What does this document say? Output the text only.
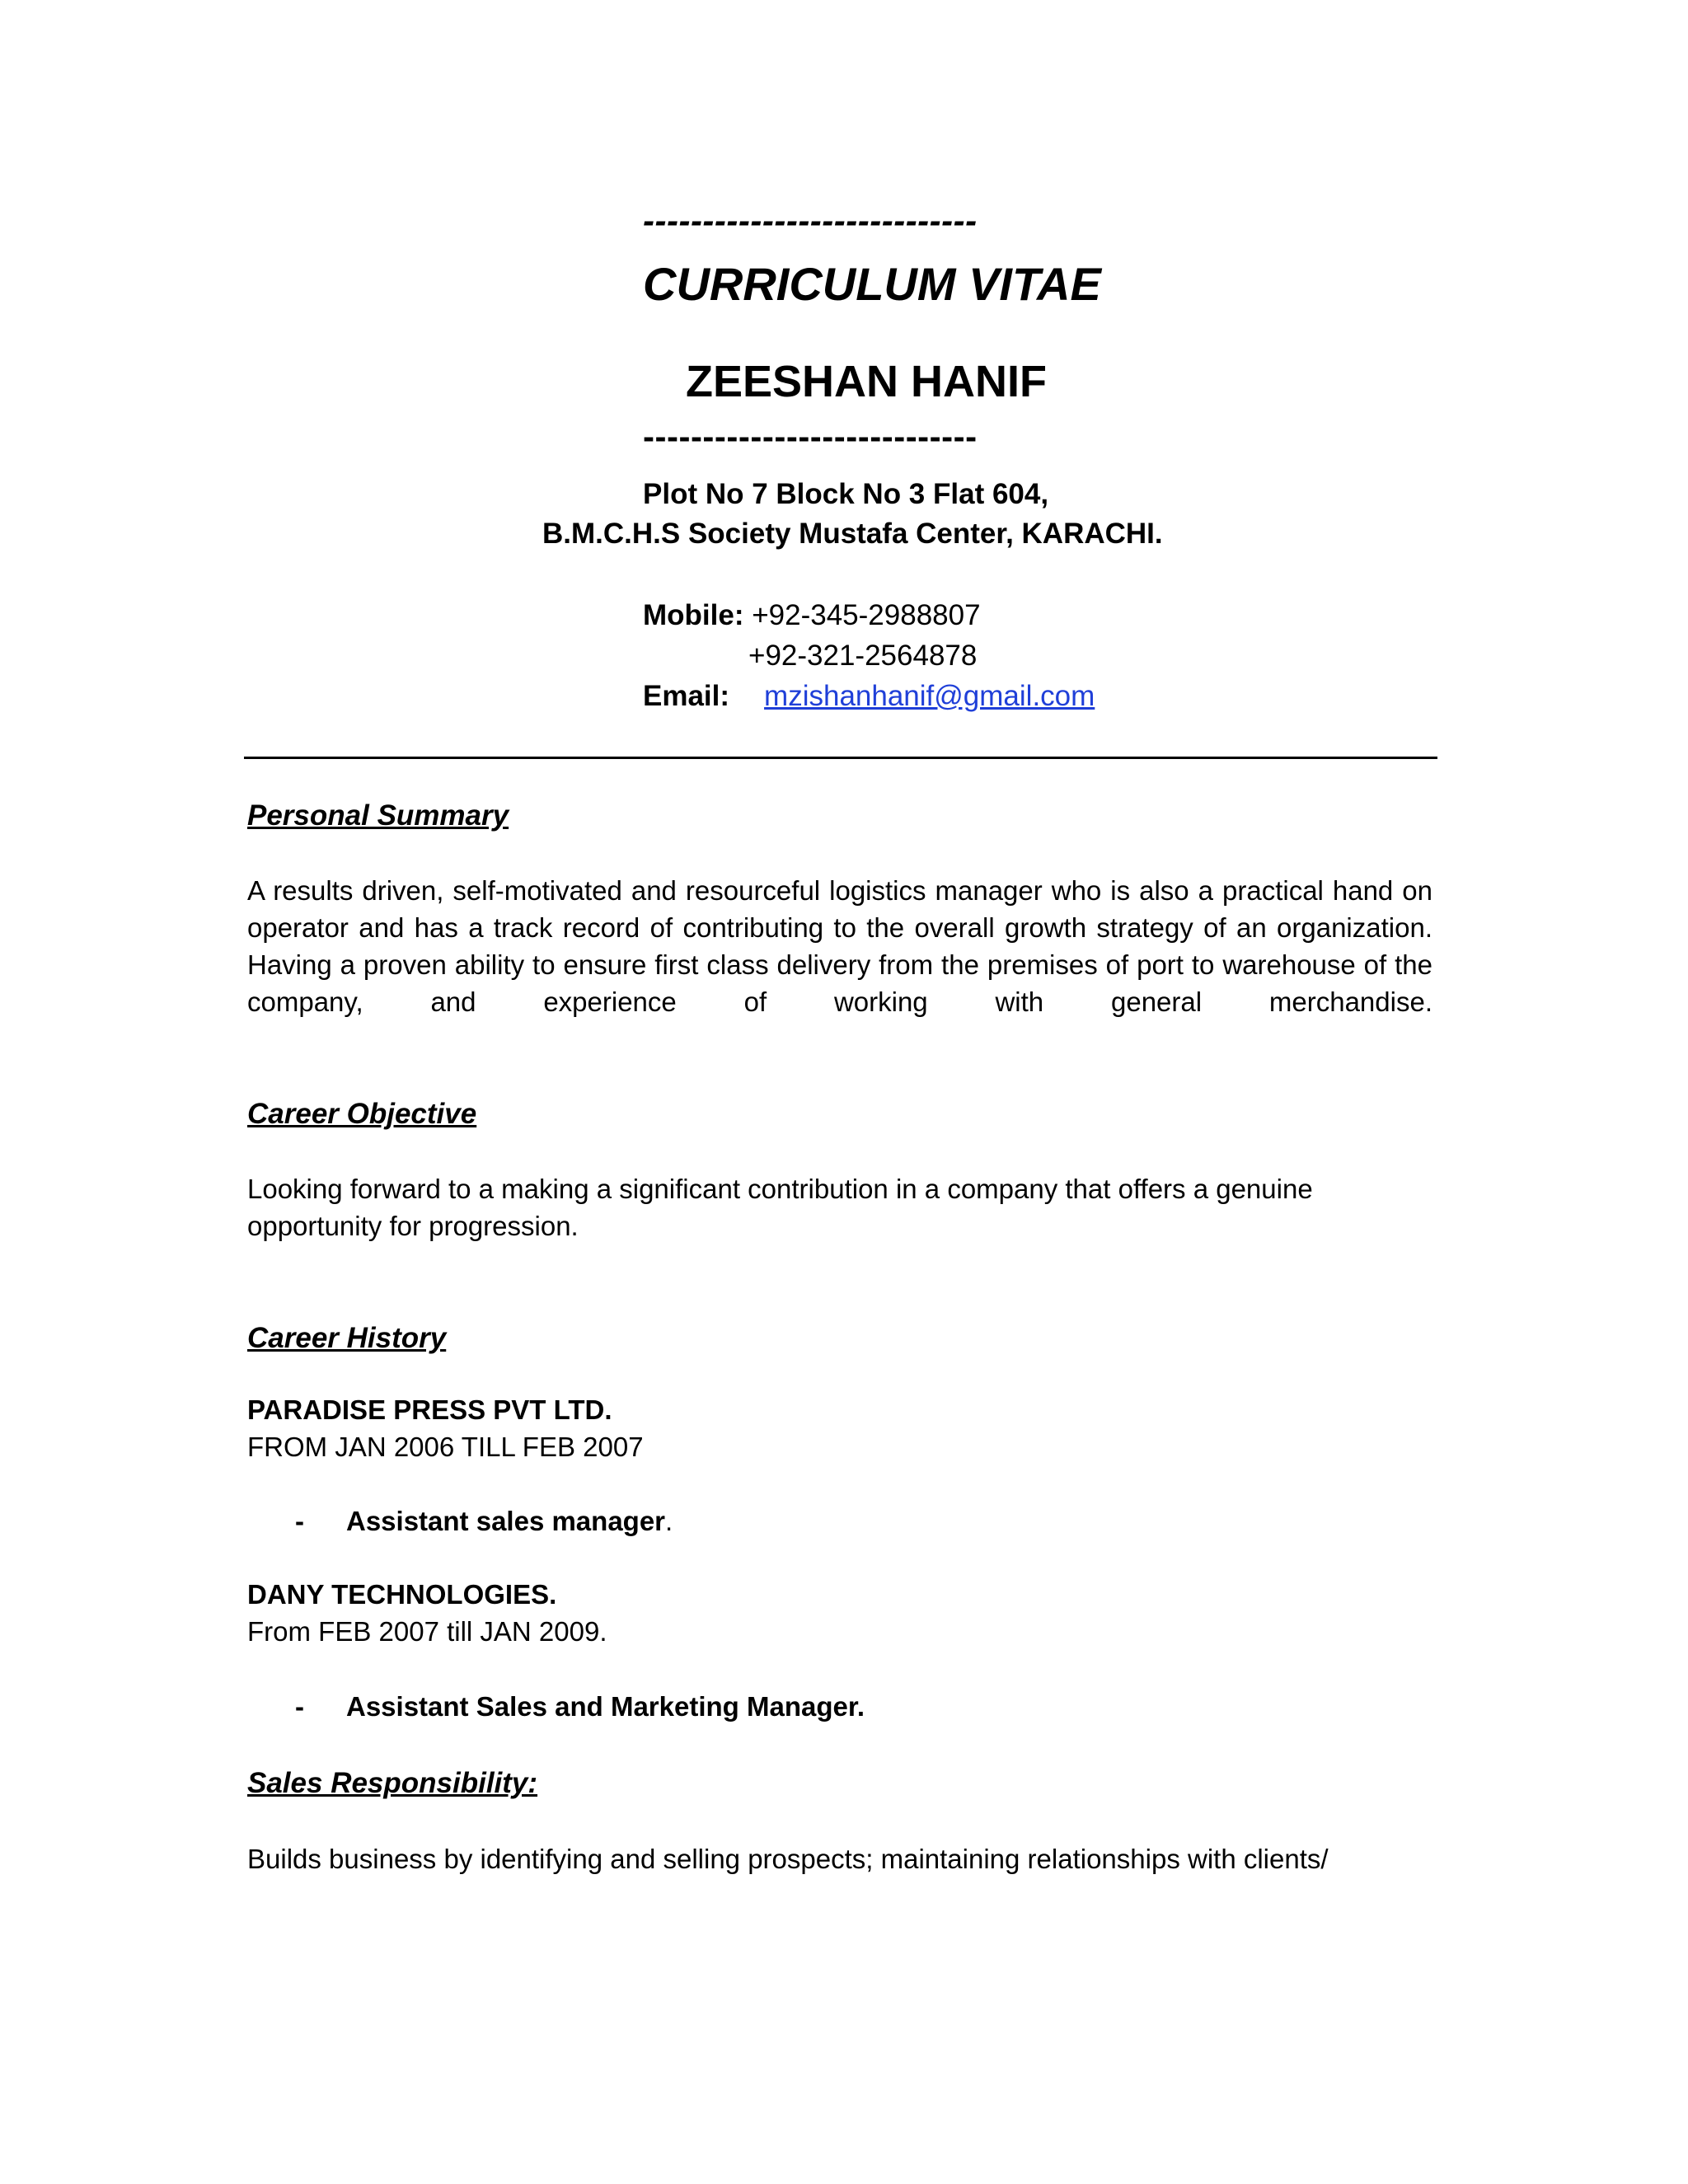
----------------------------

CURRICULUM VITAE
ZEESHAN HANIF

----------------------------

Plot No 7 Block No 3 Flat 604,

B.M.C.H.S Society Mustafa Center, KARACHI.

Mobile: +92-345-2988807

+92-321-2564878

Email: mzishanhanif@gmail.com

Personal Summary

A results driven, self-motivated and resourceful logistics manager who is also a practical hand on operator and has a track record of contributing to the overall growth strategy of an organization. Having a proven ability to ensure first class delivery from the premises of port to warehouse of the company, and experience of working with general merchandise.

Career Objective

Looking forward to a making a significant contribution in a company that offers a genuine opportunity for progression.

Career History

PARADISE PRESS PVT LTD.

FROM JAN 2006 TILL FEB 2007

- Assistant sales manager.

DANY TECHNOLOGIES.

From FEB 2007 till JAN 2009.

- Assistant Sales and Marketing Manager.

Sales Responsibility:

Builds business by identifying and selling prospects; maintaining relationships with clients/
